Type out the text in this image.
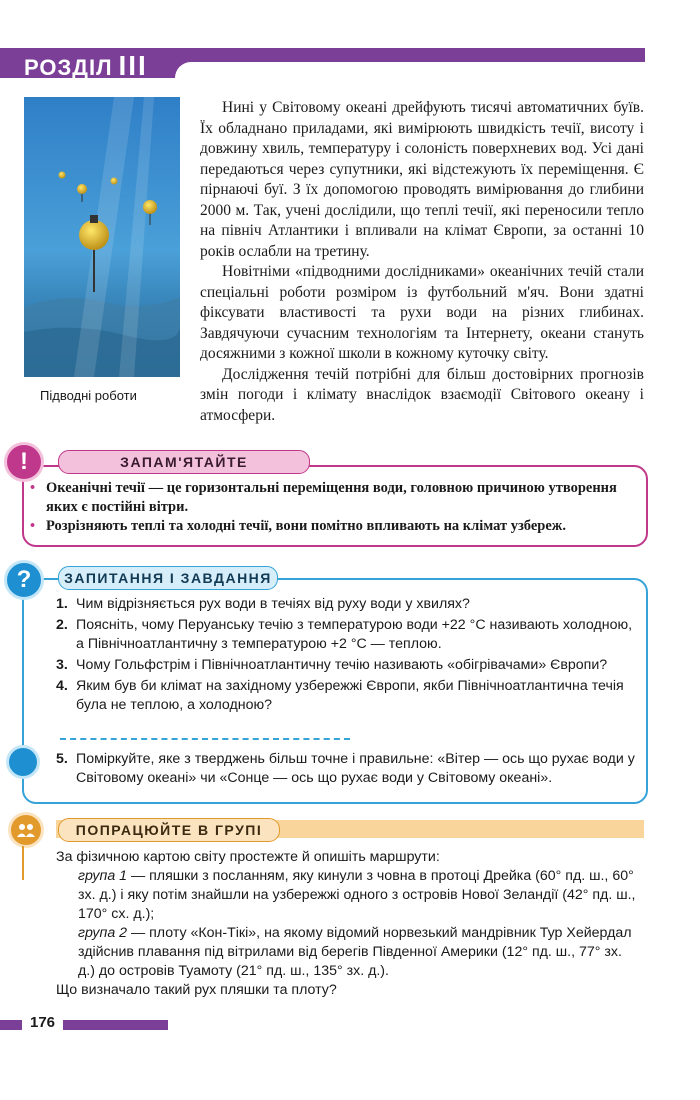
РОЗДІЛ III
Підводні роботи

Нині у Світовому океані дрейфують тисячі автоматичних буїв. Їх обладнано приладами, які вимірюють швидкість течії, висоту і довжину хвиль, температуру і солоність поверхневих вод. Усі дані передаються через супутники, які відстежують їх переміщення. Є пірнаючі буї. З їх допомогою проводять вимірювання до глибини 2000 м. Так, учені дослідили, що теплі течії, які переносили тепло на північ Атлантики і впливали на клімат Європи, за останні 10 років ослабли на третину.

Новітніми «підводними дослідниками» океанічних течій стали спеціальні роботи розміром із футбольний м'яч. Вони здатні фіксувати властивості та рухи води на різних глибинах. Завдячуючи сучасним технологіям та Інтернету, океани стануть досяжними з кожної школи в кожному куточку світу.

Дослідження течій потрібні для більш достовірних прогнозів змін погоди і клімату внаслідок взаємодії Світового океану і атмосфери.

!	ЗАПАМ'ЯТАЙТЕ
• Океанічні течії — це горизонтальні переміщення води, головною причиною утворення яких є постійні вітри.
• Розрізняють теплі та холодні течії, вони помітно впливають на клімат узбереж.
?	ЗАПИТАННЯ І ЗАВДАННЯ
1. Чим відрізняється рух води в течіях від руху води у хвилях?
2. Поясніть, чому Перуанську течію з температурою води +22 °С називають холодною, а Північноатлантичну з температурою +2 °С — теплою.
3. Чому Гольфстрім і Північноатлантичну течію називають «обігрівачами» Європи?
4. Яким був би клімат на західному узбережжі Європи, якби Північноатлантична течія була не теплою, а холодною?
5. Поміркуйте, яке з тверджень більш точне і правильне: «Вітер — ось що рухає води у Світовому океані» чи «Сонце — ось що рухає води у Світовому океані».
ПОПРАЦЮЙТЕ В ГРУПІ

За фізичною картою світу простежте й опишіть маршрути:

група 1 — пляшки з посланням, яку кинули з човна в протоці Дрейка (60° пд. ш., 60° зх. д.) і яку потім знайшли на узбережжі одного з островів Нової Зеландії (42° пд. ш., 170° сх. д.);

група 2 — плоту «Кон-Тікі», на якому відомий норвезький мандрівник Тур Хейердал здійснив плавання під вітрилами від берегів Південної Америки (12° пд. ш., 77° зх. д.) до островів Туамоту (21° пд. ш., 135° зх. д.).

Що визначало такий рух пляшки та плоту?

176
